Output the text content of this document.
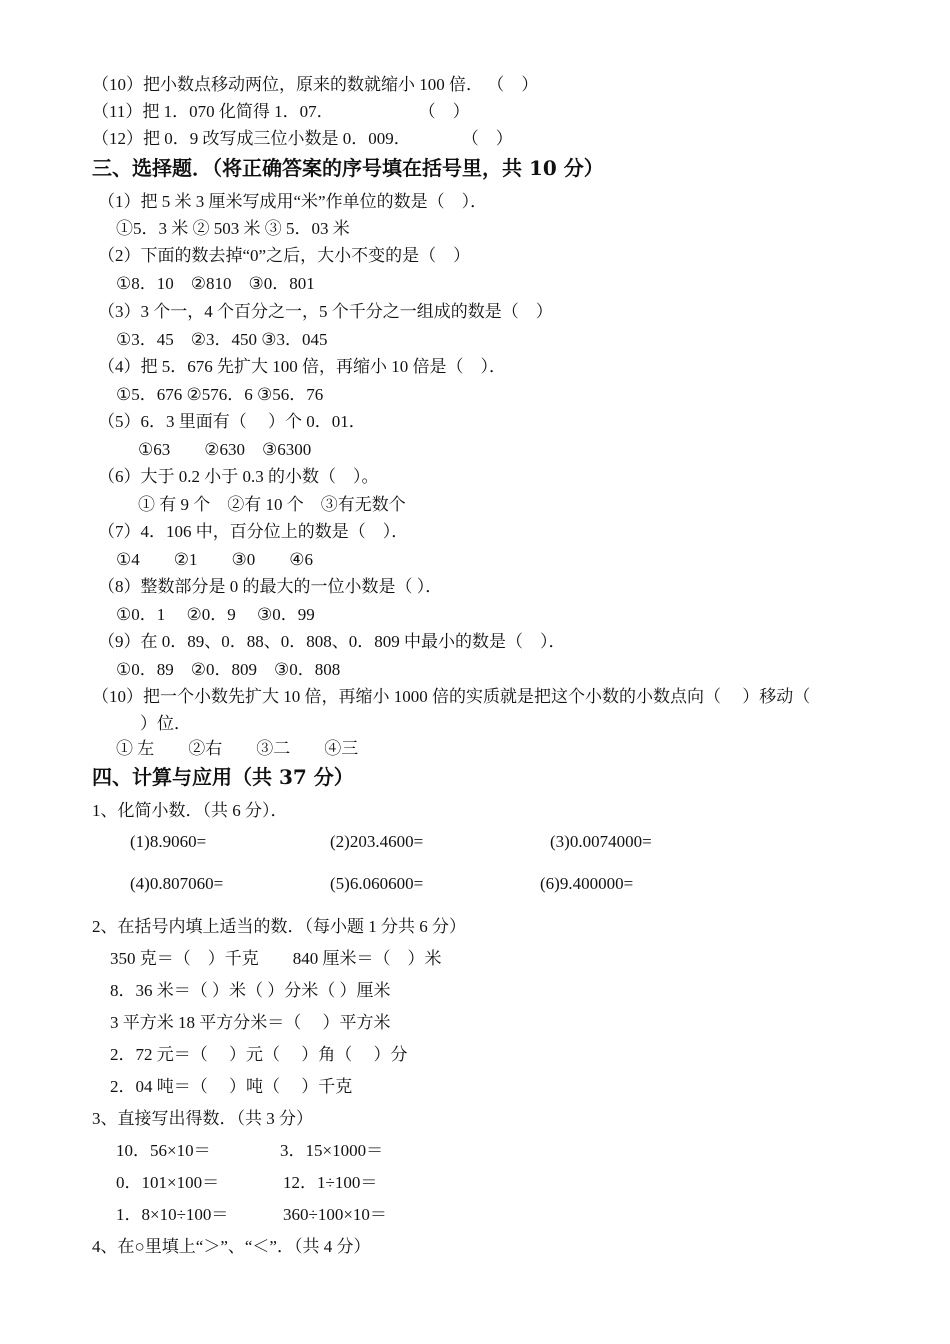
（10）把小数点移动两位，原来的数就缩小 100 倍． （　）
（11）把 1．070 化简得 1．07．　　　　　　（　）
（12）把 0．9 改写成三位小数是 0．009．　　　　（　）
三、选择题．（将正确答案的序号填在括号里，共 10 分）
（1）把 5 米 3 厘米写成用“米”作单位的数是（　）．
①5．3 米 ② 503 米 ③ 5．03 米
（2）下面的数去掉“0”之后，大小不变的是（　）
①8．10　②810　③0．801
（3）3 个一，4 个百分之一，5 个千分之一组成的数是（　）
①3．45　②3．450 ③3．045
（4）把 5．676 先扩大 100 倍，再缩小 10 倍是（　）．
①5．676 ②576．6 ③56．76
（5）6．3 里面有（　 ）个 0．01．
①63　　②630　③6300
（6）大于 0.2 小于 0.3 的小数（　）。
① 有 9 个　②有 10 个　③有无数个
（7）4．106 中，百分位上的数是（　）．
①4　　②1　　③0　　④6
（8）整数部分是 0 的最大的一位小数是（ ）．
①0．1　 ②0．9　 ③0．99
（9）在 0．89、0．88、0．808、0．809 中最小的数是（　）．
①0．89　②0．809　③0．808
（10）把一个小数先扩大 10 倍，再缩小 1000 倍的实质就是把这个小数的小数点向（　 ）移动（
）位．
① 左　　②右　　③二　　④三
四、计算与应用（共 37 分）
1、化简小数．（共 6 分）．
(1)8.9060=	(2)203.4600=	(3)0.0074000=
(4)0.807060=	(5)6.060600=	(6)9.400000=
2、在括号内填上适当的数．（每小题 1 分共 6 分）
350 克＝（　）千克　　840 厘米＝（　）米
8．36 米＝（ ）米（ ）分米（ ）厘米
3 平方米 18 平方分米＝（　 ）平方米
2．72 元＝（　 ）元（　 ）角（　 ）分
2．04 吨＝（　 ）吨（　 ）千克
3、直接写出得数．（共 3 分）
10．56×10＝	3．15×1000＝
0．101×100＝	12．1÷100＝
1．8×10÷100＝	360÷100×10＝
4、在○里填上“＞”、“＜”．（共 4 分）
